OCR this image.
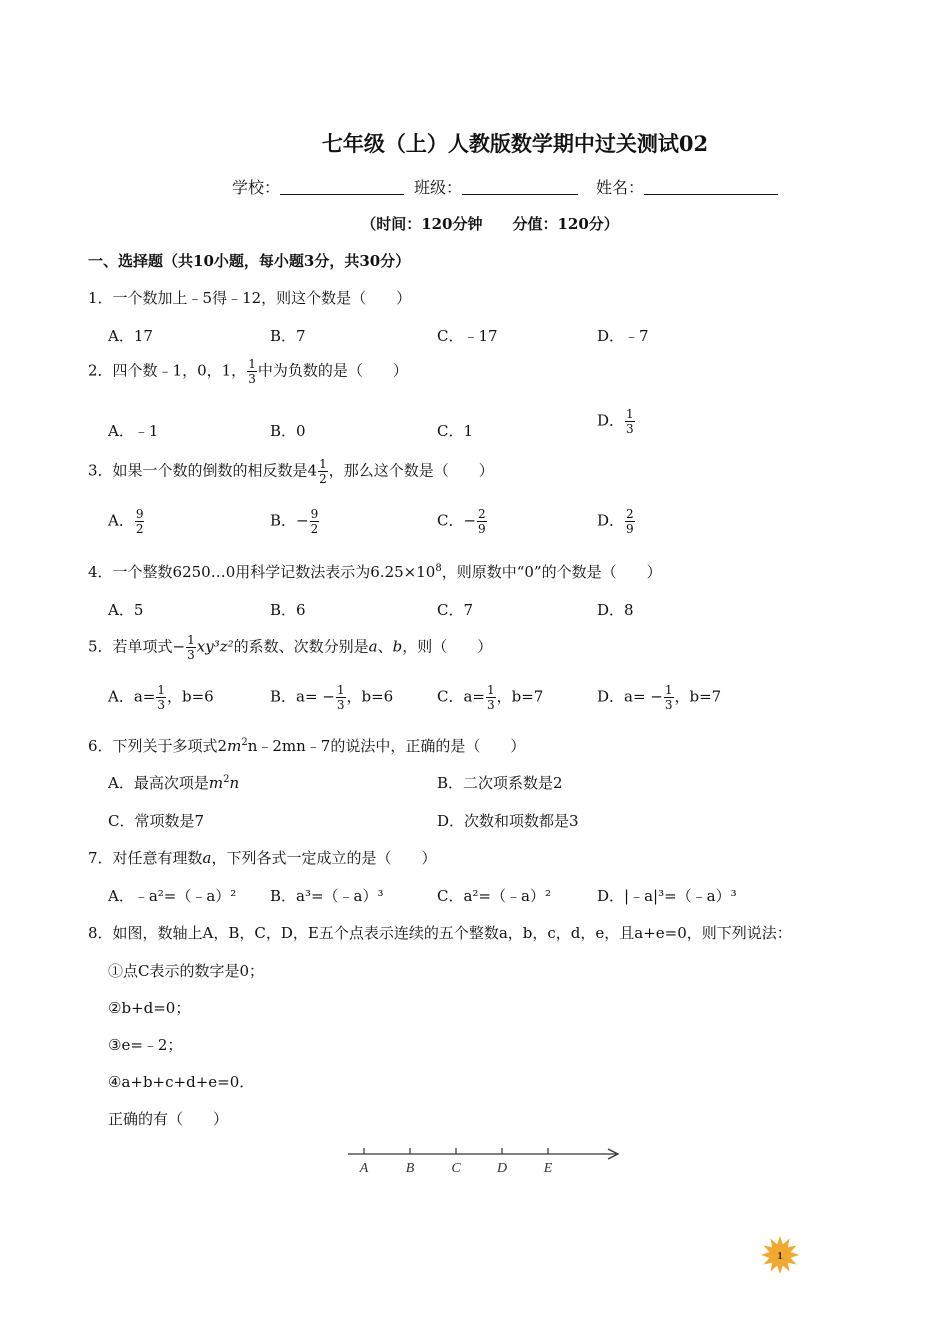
七年级（上）人教版数学期中过关测试02
学校：	班级：	姓名：
（时间：120分钟　　分值：120分）
一、选择题（共10小题，每小题3分，共30分）
1．一个数加上﹣5得﹣12，则这个数是（　　）
A．17	B．7	C．﹣17	D．﹣7
2．四个数﹣1，0，1， $\frac{1}{3}$ 中为负数的是（　　）
A．﹣1	B．0	C．1
D． $\frac{1}{3}$
3．如果一个数的倒数的相反数是$4 \frac{1}{2}$ ，那么这个数是（　　）
A． $\frac{9}{2}$	B．− $\frac{9}{2}$	C．− $\frac{2}{9}$	D． $\frac{2}{9}$
4．一个整数6250…0用科学记数法表示为$6.25\times 10^8$，则原数中“0”的个数是（　　）
A．5	B．6	C．7	D．8
5．若单项式− $\frac{1}{3} xy^3z^2$的系数、次数分别是a、b，则（　　）
A．$a= \frac{1}{3}$ ，b=6	B．$a= - \frac{1}{3}$ ，b=6	C．$a= \frac{1}{3}$ ，b=7	D．$a= - \frac{1}{3}$ ，b=7
6．下列关于多项式$2m^2n﹣2mn﹣7$的说法中，正确的是（　　）
A．最高次项是$m^2n$	B．二次项系数是2
C．常项数是7	D．次数和项数都是3
7．对任意有理数a，下列各式一定成立的是（　　）
A．﹣a²=（﹣a）² B．a³=（﹣a）³	C．a²=（﹣a）²	D．|﹣a|³=（﹣a）³
8．如图，数轴上A，B，C，D，E五个点表示连续的五个整数a，b，c，d，e，且a+e=0，则下列说法：
①点C表示的数字是0；
②b+d=0；
③e=﹣2；
④a+b+c+d+e=0．
正确的有（　　）
A	B	C	D	E
1
